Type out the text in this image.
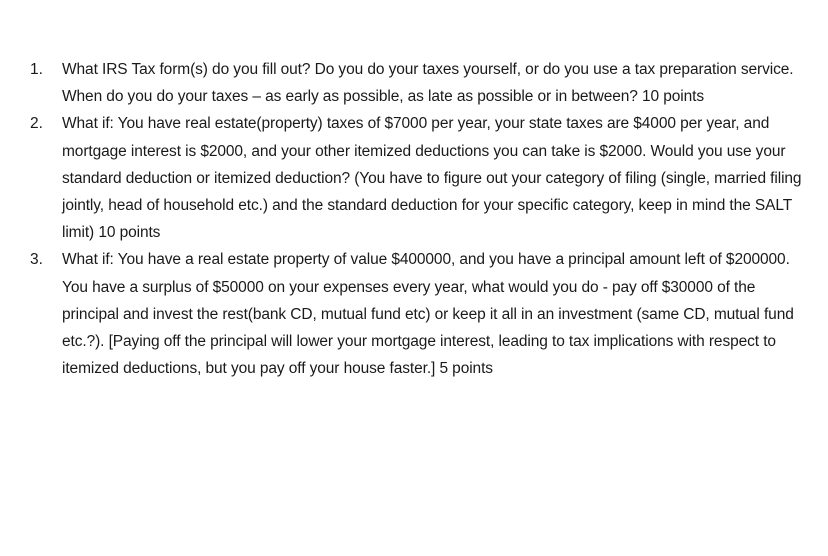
1.	What IRS Tax form(s) do you fill out? Do you do your taxes yourself, or do you use a tax preparation service. When do you do your taxes – as early as possible, as late as possible or in between? 10 points
2.	What if: You have real estate(property) taxes of $7000 per year, your state taxes are $4000 per year, and mortgage interest is $2000, and your other itemized deductions you can take is $2000. Would you use your standard deduction or itemized deduction? (You have to figure out your category of filing (single, married filing jointly, head of household etc.) and the standard deduction for your specific category, keep in mind the SALT limit) 10 points
3.	What if: You have a real estate property of value $400000, and you have a principal amount left of $200000. You have a surplus of $50000 on your expenses every year, what would you do - pay off $30000 of the principal and invest the rest(bank CD, mutual fund etc) or keep it all in an investment (same CD, mutual fund etc.?). [Paying off the principal will lower your mortgage interest, leading to tax implications with respect to itemized deductions, but you pay off your house faster.] 5 points
